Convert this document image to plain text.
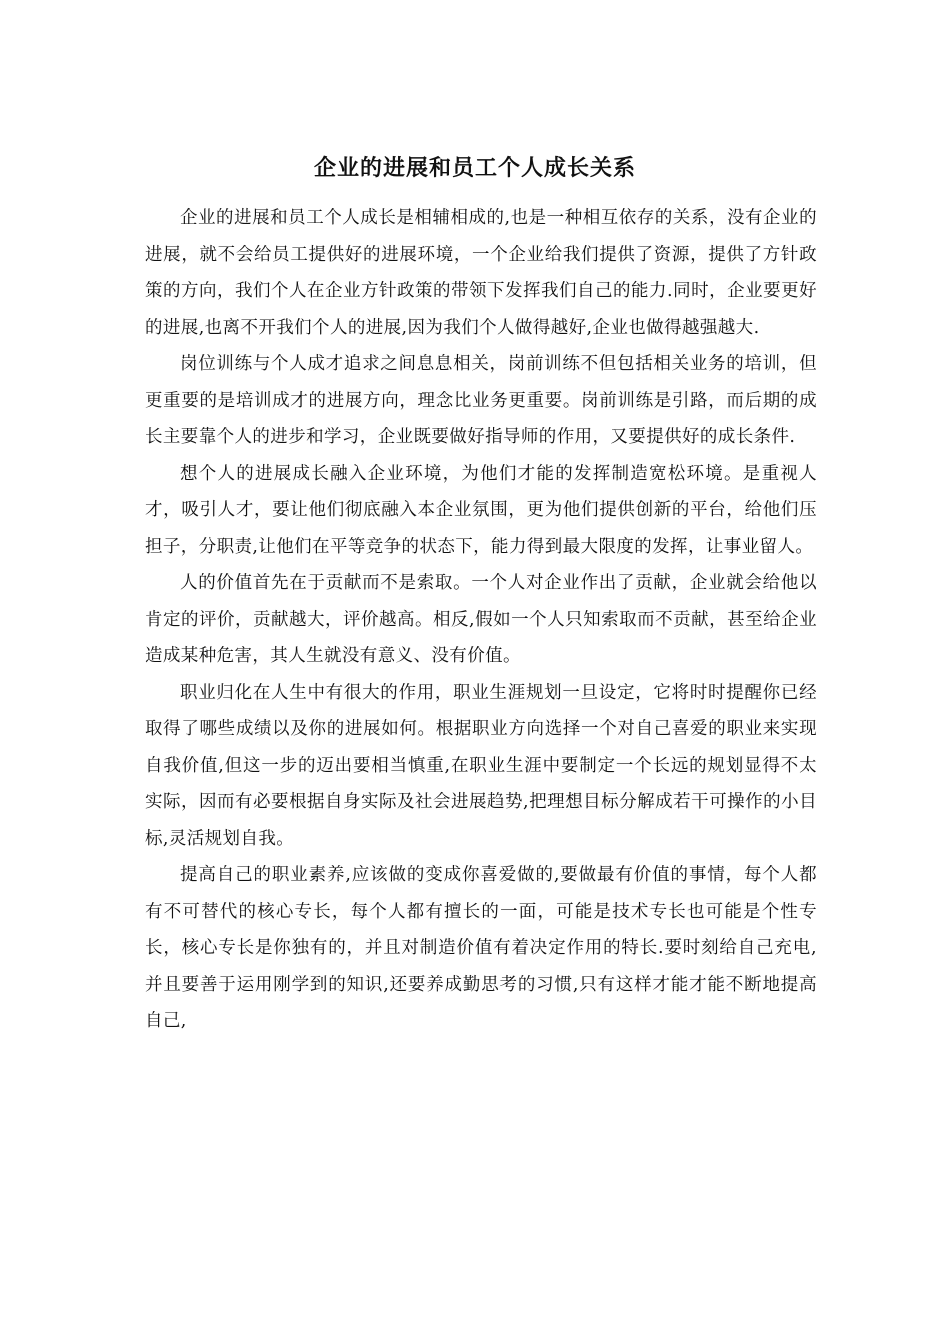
企业的进展和员工个人成长关系

企业的进展和员工个人成长是相辅相成的,也是一种相互依存的关系，没有企业的进展，就不会给员工提供好的进展环境，一个企业给我们提供了资源，提供了方针政策的方向，我们个人在企业方针政策的带领下发挥我们自己的能力.同时，企业要更好的进展,也离不开我们个人的进展,因为我们个人做得越好,企业也做得越强越大.

岗位训练与个人成才追求之间息息相关，岗前训练不但包括相关业务的培训，但更重要的是培训成才的进展方向，理念比业务更重要。岗前训练是引路，而后期的成长主要靠个人的进步和学习，企业既要做好指导师的作用，又要提供好的成长条件.

想个人的进展成长融入企业环境，为他们才能的发挥制造宽松环境。是重视人才，吸引人才，要让他们彻底融入本企业氛围，更为他们提供创新的平台，给他们压担子，分职责,让他们在平等竞争的状态下，能力得到最大限度的发挥，让事业留人。

人的价值首先在于贡献而不是索取。一个人对企业作出了贡献，企业就会给他以肯定的评价，贡献越大，评价越高。相反,假如一个人只知索取而不贡献，甚至给企业造成某种危害，其人生就没有意义、没有价值。

职业归化在人生中有很大的作用，职业生涯规划一旦设定，它将时时提醒你已经取得了哪些成绩以及你的进展如何。根据职业方向选择一个对自己喜爱的职业来实现自我价值,但这一步的迈出要相当慎重,在职业生涯中要制定一个长远的规划显得不太实际，因而有必要根据自身实际及社会进展趋势,把理想目标分解成若干可操作的小目标,灵活规划自我。

提高自己的职业素养,应该做的变成你喜爱做的,要做最有价值的事情，每个人都有不可替代的核心专长，每个人都有擅长的一面，可能是技术专长也可能是个性专长，核心专长是你独有的，并且对制造价值有着决定作用的特长.要时刻给自己充电,并且要善于运用刚学到的知识,还要养成勤思考的习惯,只有这样才能才能不断地提高自己,
